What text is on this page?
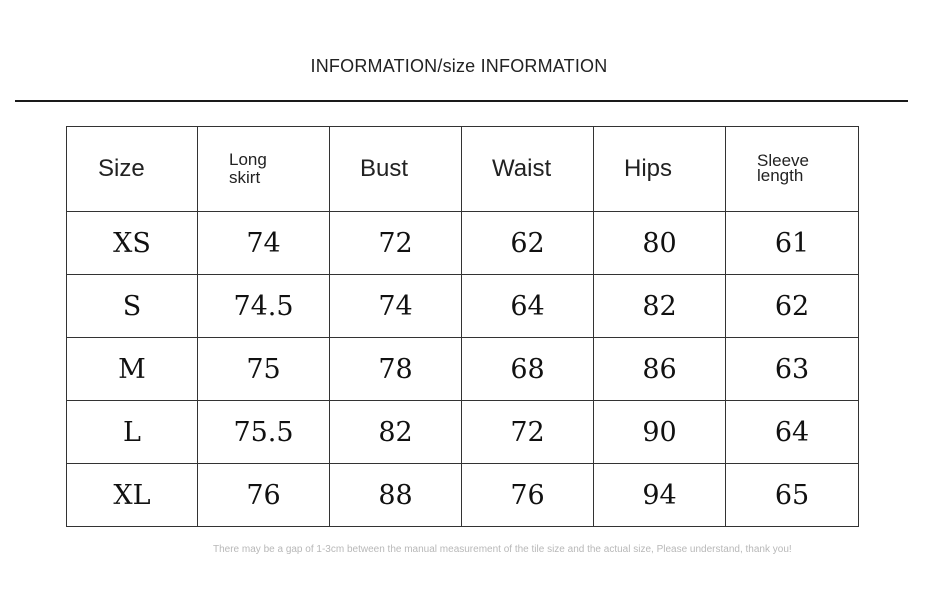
INFORMATION/size INFORMATION
Size	Long skirt	Bust	Waist	Hips	Sleeve length
XS	74	72	62	80	61
S	74.5	74	64	82	62
M	75	78	68	86	63
L	75.5	82	72	90	64
XL	76	88	76	94	65
There may be a gap of 1-3cm between the manual measurement of the tile size and the actual size, Please understand, thank you!
